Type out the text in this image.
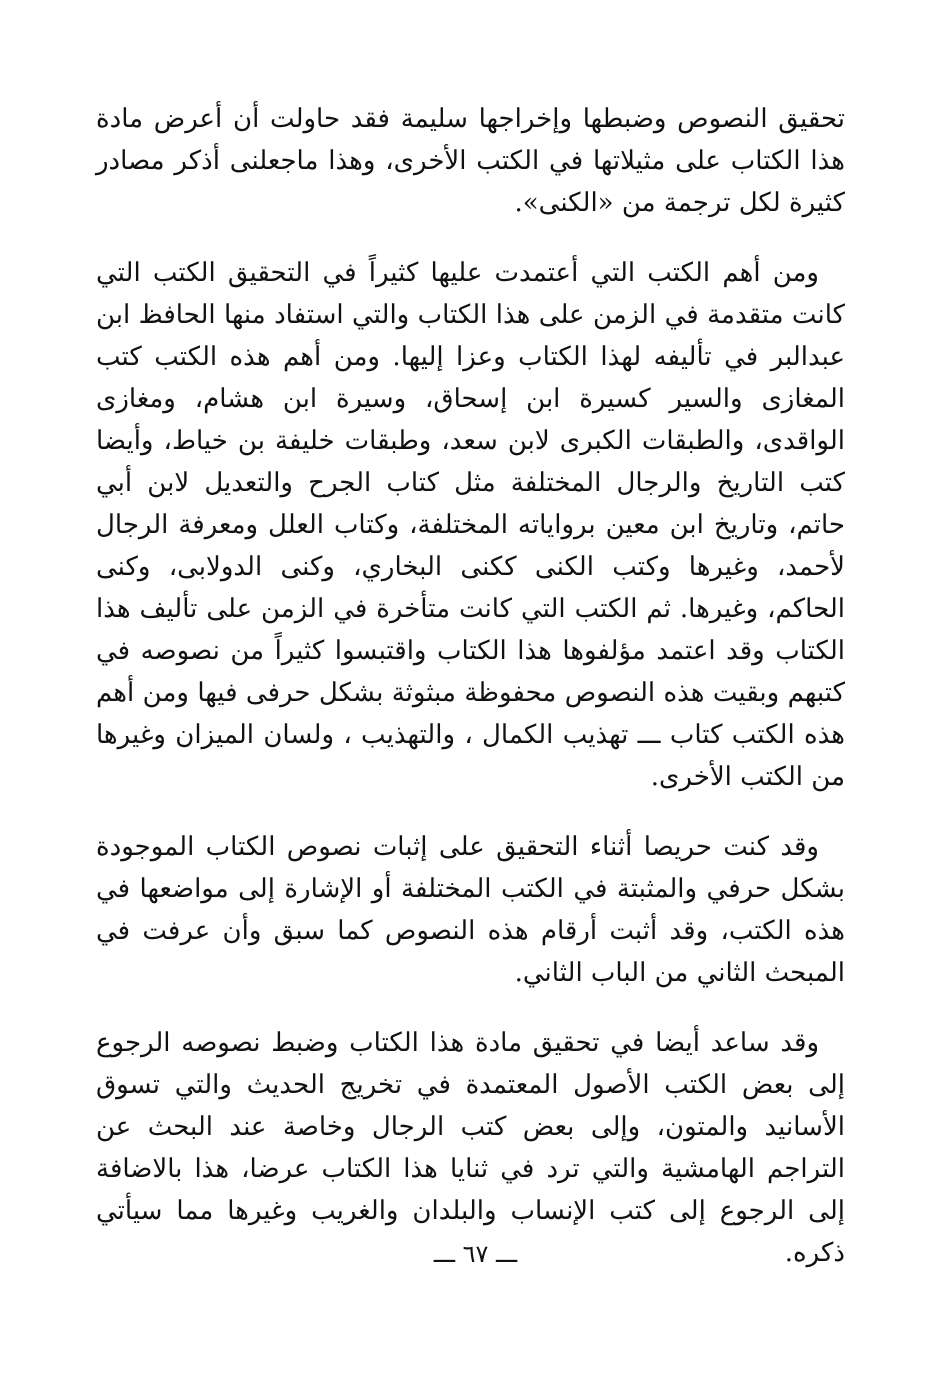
تحقيق النصوص وضبطها وإخراجها سليمة فقد حاولت أن أعرض مادة هذا الكتاب على مثيلاتها في الكتب الأخرى، وهذا ماجعلنى أذكر مصادر كثيرة لكل ترجمة من «الكنى».

ومن أهم الكتب التي أعتمدت عليها كثيراً في التحقيق الكتب التي كانت متقدمة في الزمن على هذا الكتاب والتي استفاد منها الحافظ ابن عبدالبر في تأليفه لهذا الكتاب وعزا إليها. ومن أهم هذه الكتب كتب المغازى والسير كسيرة ابن إسحاق، وسيرة ابن هشام، ومغازى الواقدى، والطبقات الكبرى لابن سعد، وطبقات خليفة بن خياط، وأيضا كتب التاريخ والرجال المختلفة مثل كتاب الجرح والتعديل لابن أبي حاتم، وتاريخ ابن معين برواياته المختلفة، وكتاب العلل ومعرفة الرجال لأحمد، وغيرها وكتب الكنى ككنى البخاري، وكنى الدولابى، وكنى الحاكم، وغيرها. ثم الكتب التي كانت متأخرة في الزمن على تأليف هذا الكتاب وقد اعتمد مؤلفوها هذا الكتاب واقتبسوا كثيراً من نصوصه في كتبهم وبقيت هذه النصوص محفوظة مبثوثة بشكل حرفى فيها ومن أهم هذه الكتب كتاب ـــ تهذيب الكمال ، والتهذيب ، ولسان الميزان وغيرها من الكتب الأخرى.

وقد كنت حريصا أثناء التحقيق على إثبات نصوص الكتاب الموجودة بشكل حرفي والمثبتة في الكتب المختلفة أو الإشارة إلى مواضعها في هذه الكتب، وقد أثبت أرقام هذه النصوص كما سبق وأن عرفت في المبحث الثاني من الباب الثاني.

وقد ساعد أيضا في تحقيق مادة هذا الكتاب وضبط نصوصه الرجوع إلى بعض الكتب الأصول المعتمدة في تخريج الحديث والتي تسوق الأسانيد والمتون، وإلى بعض كتب الرجال وخاصة عند البحث عن التراجم الهامشية والتي ترد في ثنايا هذا الكتاب عرضا، هذا بالاضافة إلى الرجوع إلى كتب الإنساب والبلدان والغريب وغيرها مما سيأتي ذكره.

ـــ ٦٧ ـــ
